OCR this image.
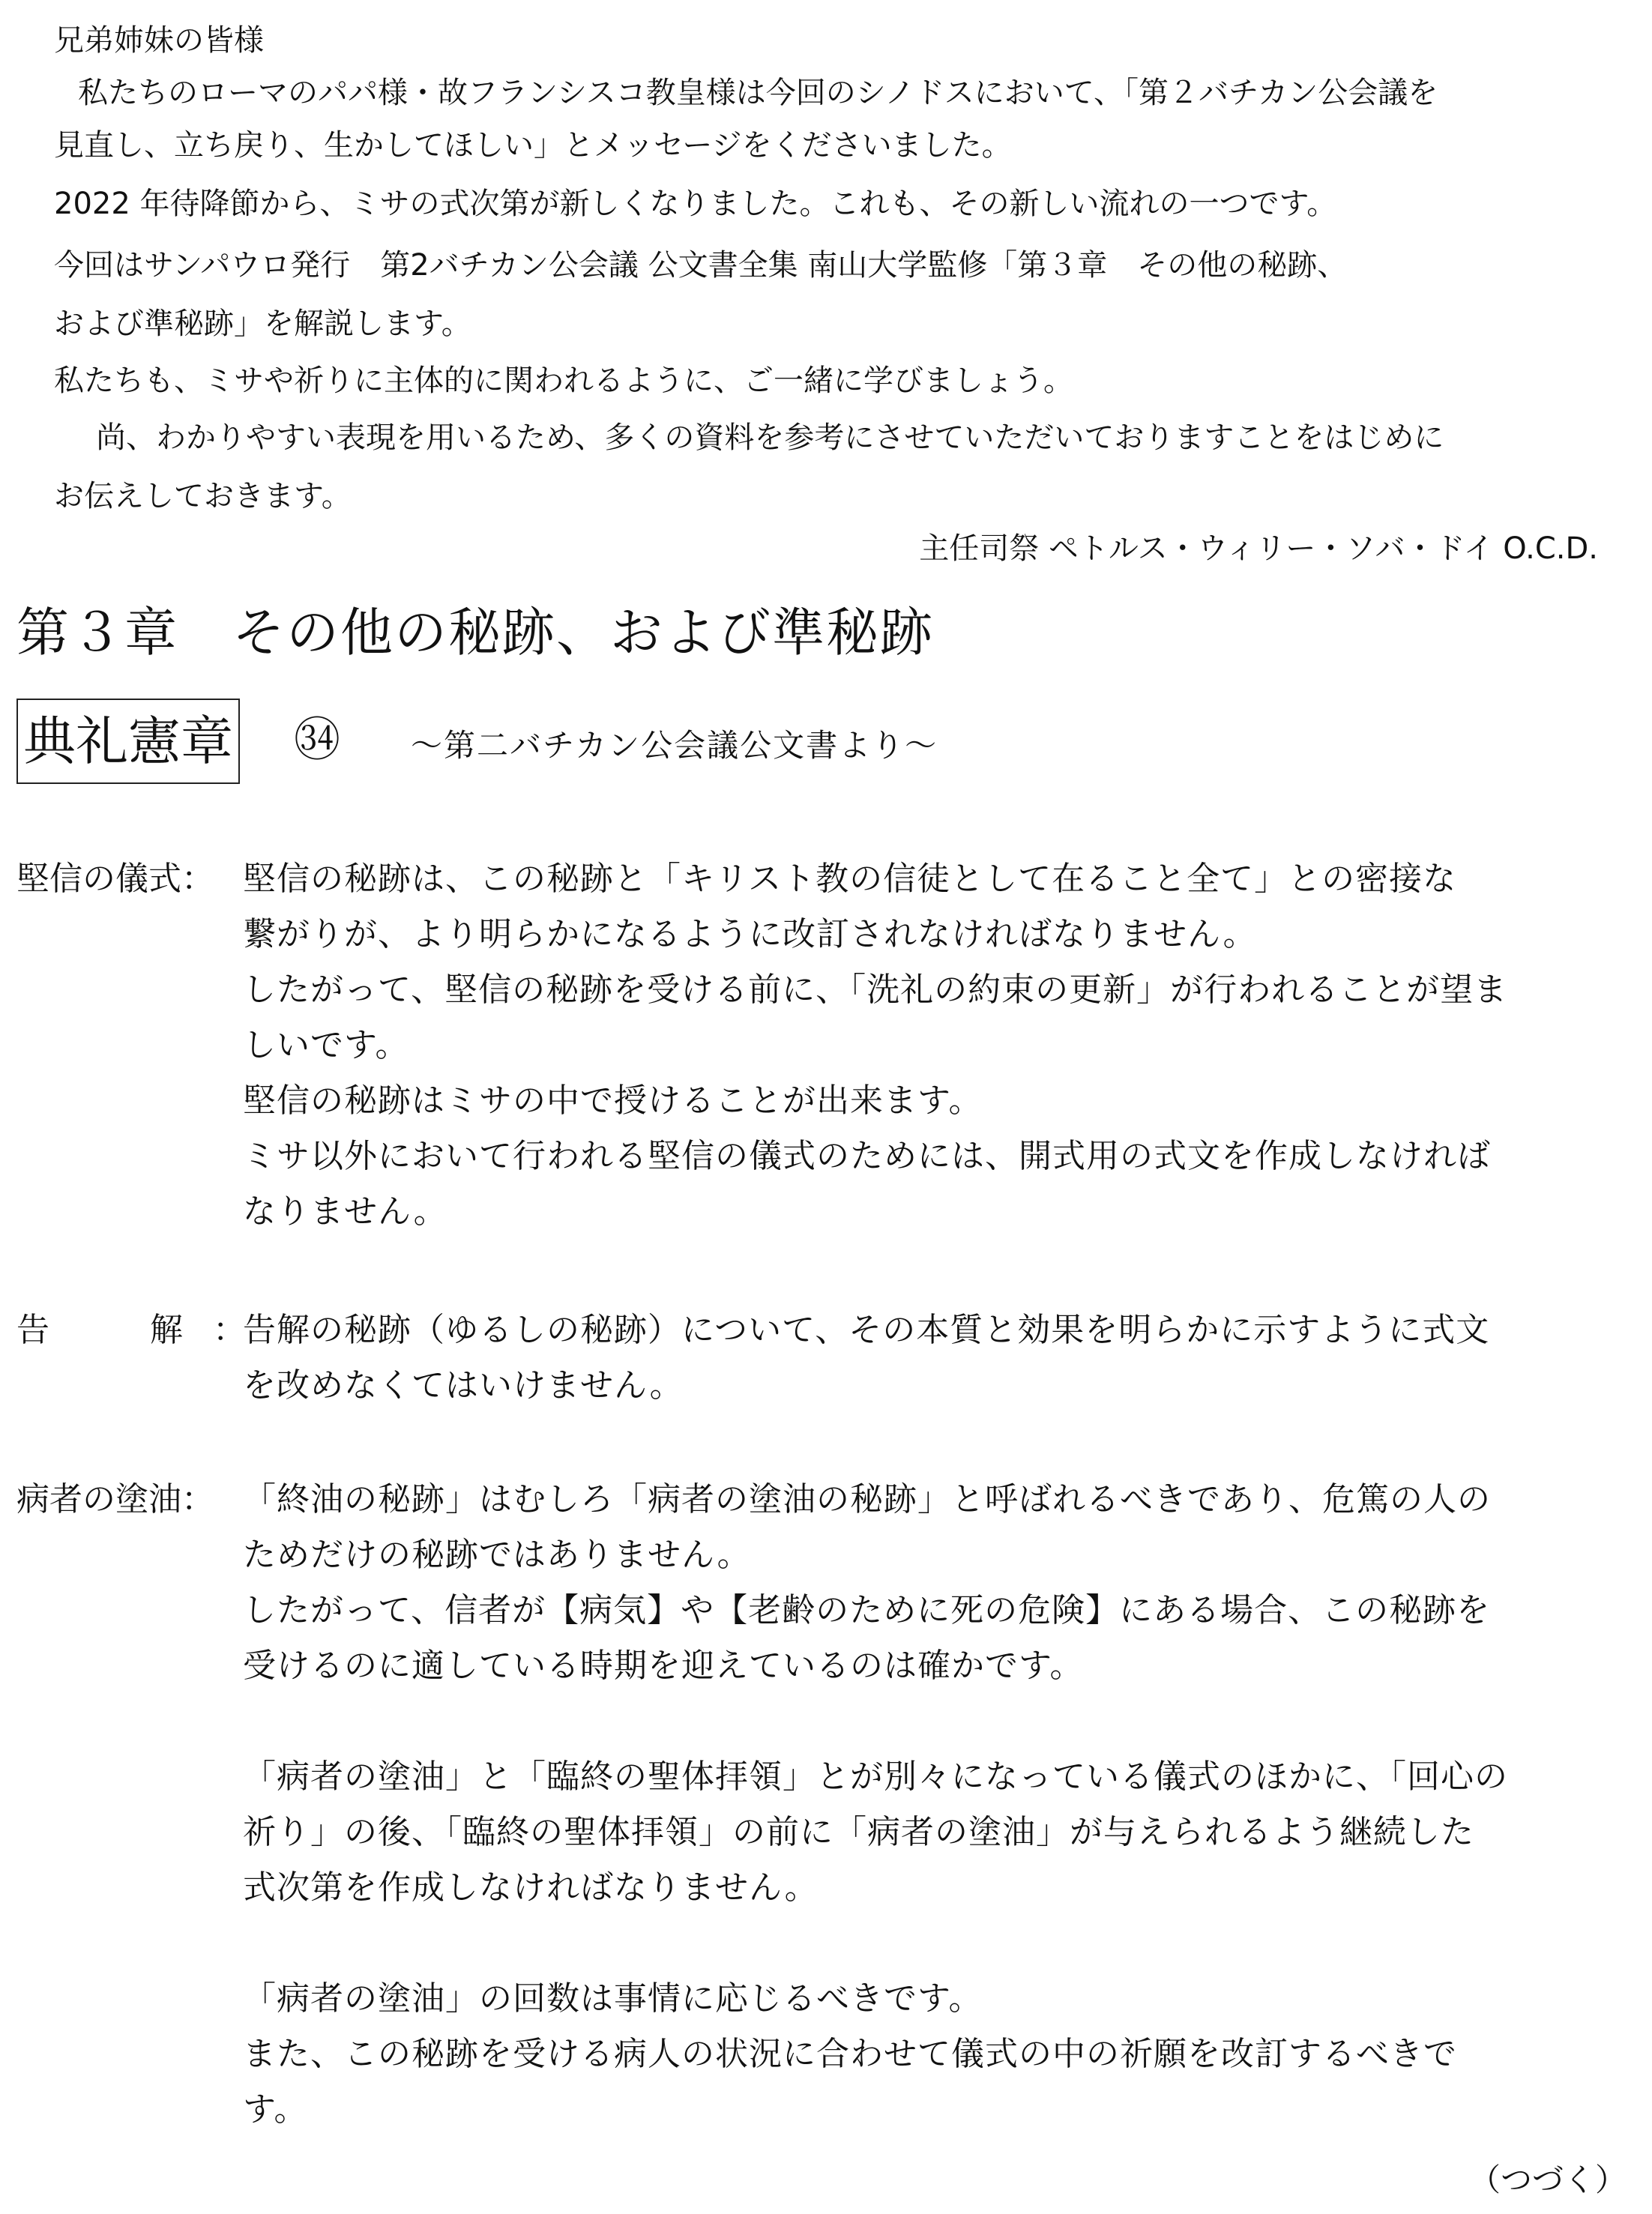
兄弟姉妹の皆様
私たちのローマのパパ様・故フランシスコ教皇様は今回のシノドスにおいて、「第２バチカン公会議を
見直し、立ち戻り、生かしてほしい」とメッセージをくださいました。
2022 年待降節から、ミサの式次第が新しくなりました。これも、その新しい流れの一つです。
今回はサンパウロ発行　第2バチカン公会議 公文書全集 南山大学監修「第３章　その他の秘跡、
および準秘跡」を解説します。
私たちも、ミサや祈りに主体的に関われるように、ご一緒に学びましょう。
尚、わかりやすい表現を用いるため、多くの資料を参考にさせていただいておりますことをはじめに
お伝えしておきます。
主任司祭 ペトルス・ウィリー・ソバ・ドイ O.C.D.
第３章　その他の秘跡、および準秘跡
典礼憲章 ㉞ ～第二バチカン公会議公文書より～
堅信の儀式： 堅信の秘跡は、この秘跡と「キリスト教の信徒として在ること全て」との密接な

繋がりが、より明らかになるように改訂されなければなりません。

したがって、堅信の秘跡を受ける前に、「洗礼の約束の更新」が行われることが望ま

しいです。

堅信の秘跡はミサの中で授けることが出来ます。

ミサ以外において行われる堅信の儀式のためには、開式用の式文を作成しなければ

なりません。

告	解 ：

告解の秘跡（ゆるしの秘跡）について、その本質と効果を明らかに示すように式文

を改めなくてはいけません。

病者の塗油： 「終油の秘跡」はむしろ「病者の塗油の秘跡」と呼ばれるべきであり、危篤の人の

ためだけの秘跡ではありません。

したがって、信者が【病気】や【老齢のために死の危険】にある場合、この秘跡を

受けるのに適している時期を迎えているのは確かです。

「病者の塗油」と「臨終の聖体拝領」とが別々になっている儀式のほかに、「回心の

祈り」の後、「臨終の聖体拝領」の前に「病者の塗油」が与えられるよう継続した

式次第を作成しなければなりません。

「病者の塗油」の回数は事情に応じるべきです。

また、この秘跡を受ける病人の状況に合わせて儀式の中の祈願を改訂するべきで

す。

（つづく）
